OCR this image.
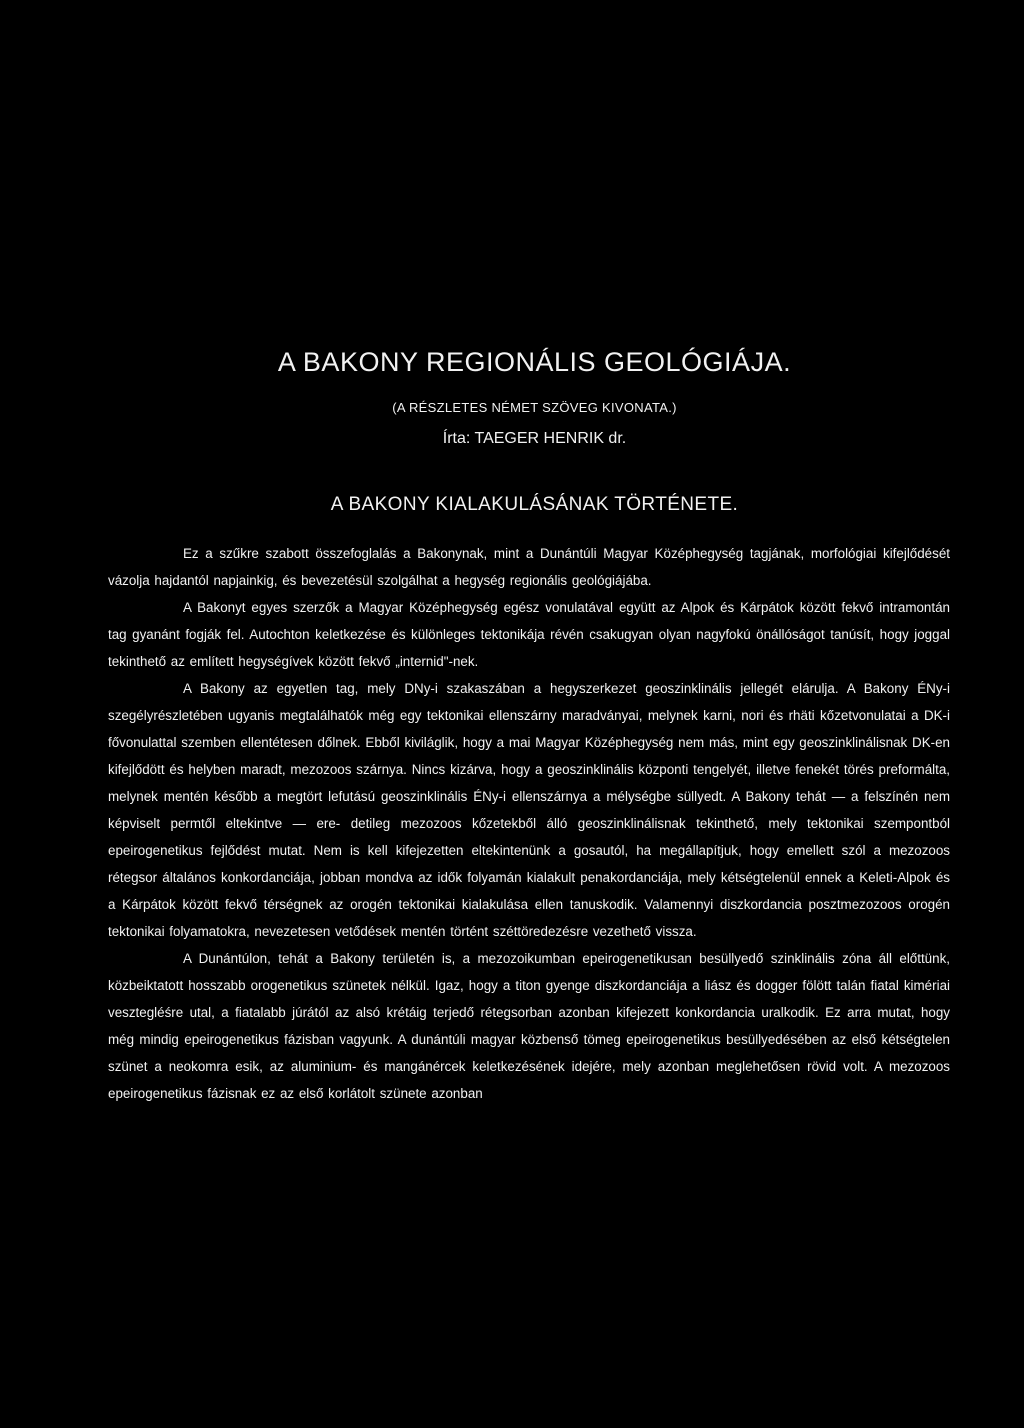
A BAKONY REGIONÁLIS GEOLÓGIÁJA.
(A RÉSZLETES NÉMET SZÖVEG KIVONATA.)
Írta: TAEGER HENRIK dr.
A BAKONY KIALAKULÁSÁNAK TÖRTÉNETE.

Ez a szűkre szabott összefoglalás a Bakonynak, mint a Dunántúli Magyar Középhegység tagjának, morfológiai kifejlődését vázolja hajdantól napjainkig, és bevezetésül szolgálhat a hegység regionális geológiájába.

A Bakonyt egyes szerzők a Magyar Középhegység egész vonulatával együtt az Alpok és Kárpátok között fekvő intramontán tag gyanánt fogják fel. Autochton keletkezése és különleges tektonikája révén csakugyan olyan nagyfokú önállóságot tanúsít, hogy joggal tekinthető az említett hegységívek között fekvő „internid"-nek.

A Bakony az egyetlen tag, mely DNy-i szakaszában a hegyszerkezet geoszinklinális jellegét elárulja. A Bakony ÉNy-i szegélyrészletében ugyanis megtalálhatók még egy tektonikai ellenszárny maradványai, melynek karni, nori és rhäti kőzetvonulatai a DK-i fővonulattal szemben ellentétesen dőlnek. Ebből kiviláglik, hogy a mai Magyar Középhegység nem más, mint egy geoszinklinálisnak DK-en kifejlődött és helyben maradt, mezozoos szárnya. Nincs kizárva, hogy a geoszinklinális központi tengelyét, illetve fenekét törés preformálta, melynek mentén később a megtört lefutású geoszinklinális ÉNy-i ellenszárnya a mélységbe süllyedt. A Bakony tehát — a felszínén nem képviselt permtől eltekintve — ere- detileg mezozoos kőzetekből álló geoszinklinálisnak tekinthető, mely tektonikai szempontból epeirogenetikus fejlődést mutat. Nem is kell kifejezetten eltekintenünk a gosautól, ha megállapítjuk, hogy emellett szól a mezozoos rétegsor általános konkordanciája, jobban mondva az idők folyamán kialakult penakordanciája, mely kétségtelenül ennek a Keleti-Alpok és a Kárpátok között fekvő térségnek az orogén tektonikai kialakulása ellen tanuskodik. Valamennyi diszkordancia posztmezozoos orogén tektonikai folyamatokra, nevezetesen vetődések mentén történt széttöredezésre vezethető vissza.

A Dunántúlon, tehát a Bakony területén is, a mezozoikumban epeirogenetikusan besüllyedő szinklinális zóna áll előttünk, közbeiktatott hosszabb orogenetikus szünetek nélkül. Igaz, hogy a titon gyenge diszkordanciája a liász és dogger fölött talán fiatal kimériai vesztegléśre utal, a fiatalabb júrától az alsó krétáig terjedő rétegsorban azonban kifejezett konkordancia uralkodik. Ez arra mutat, hogy még mindig epeirogenetikus fázisban vagyunk. A dunántúli magyar közbenső tömeg epeirogenetikus besüllyedésében az első kétségtelen szünet a neokomra esik, az aluminium- és mangánércek keletkezésének idejére, mely azonban meglehetősen rövid volt. A mezozoos epeirogenetikus fázisnak ez az első korlátolt szünete azonban
